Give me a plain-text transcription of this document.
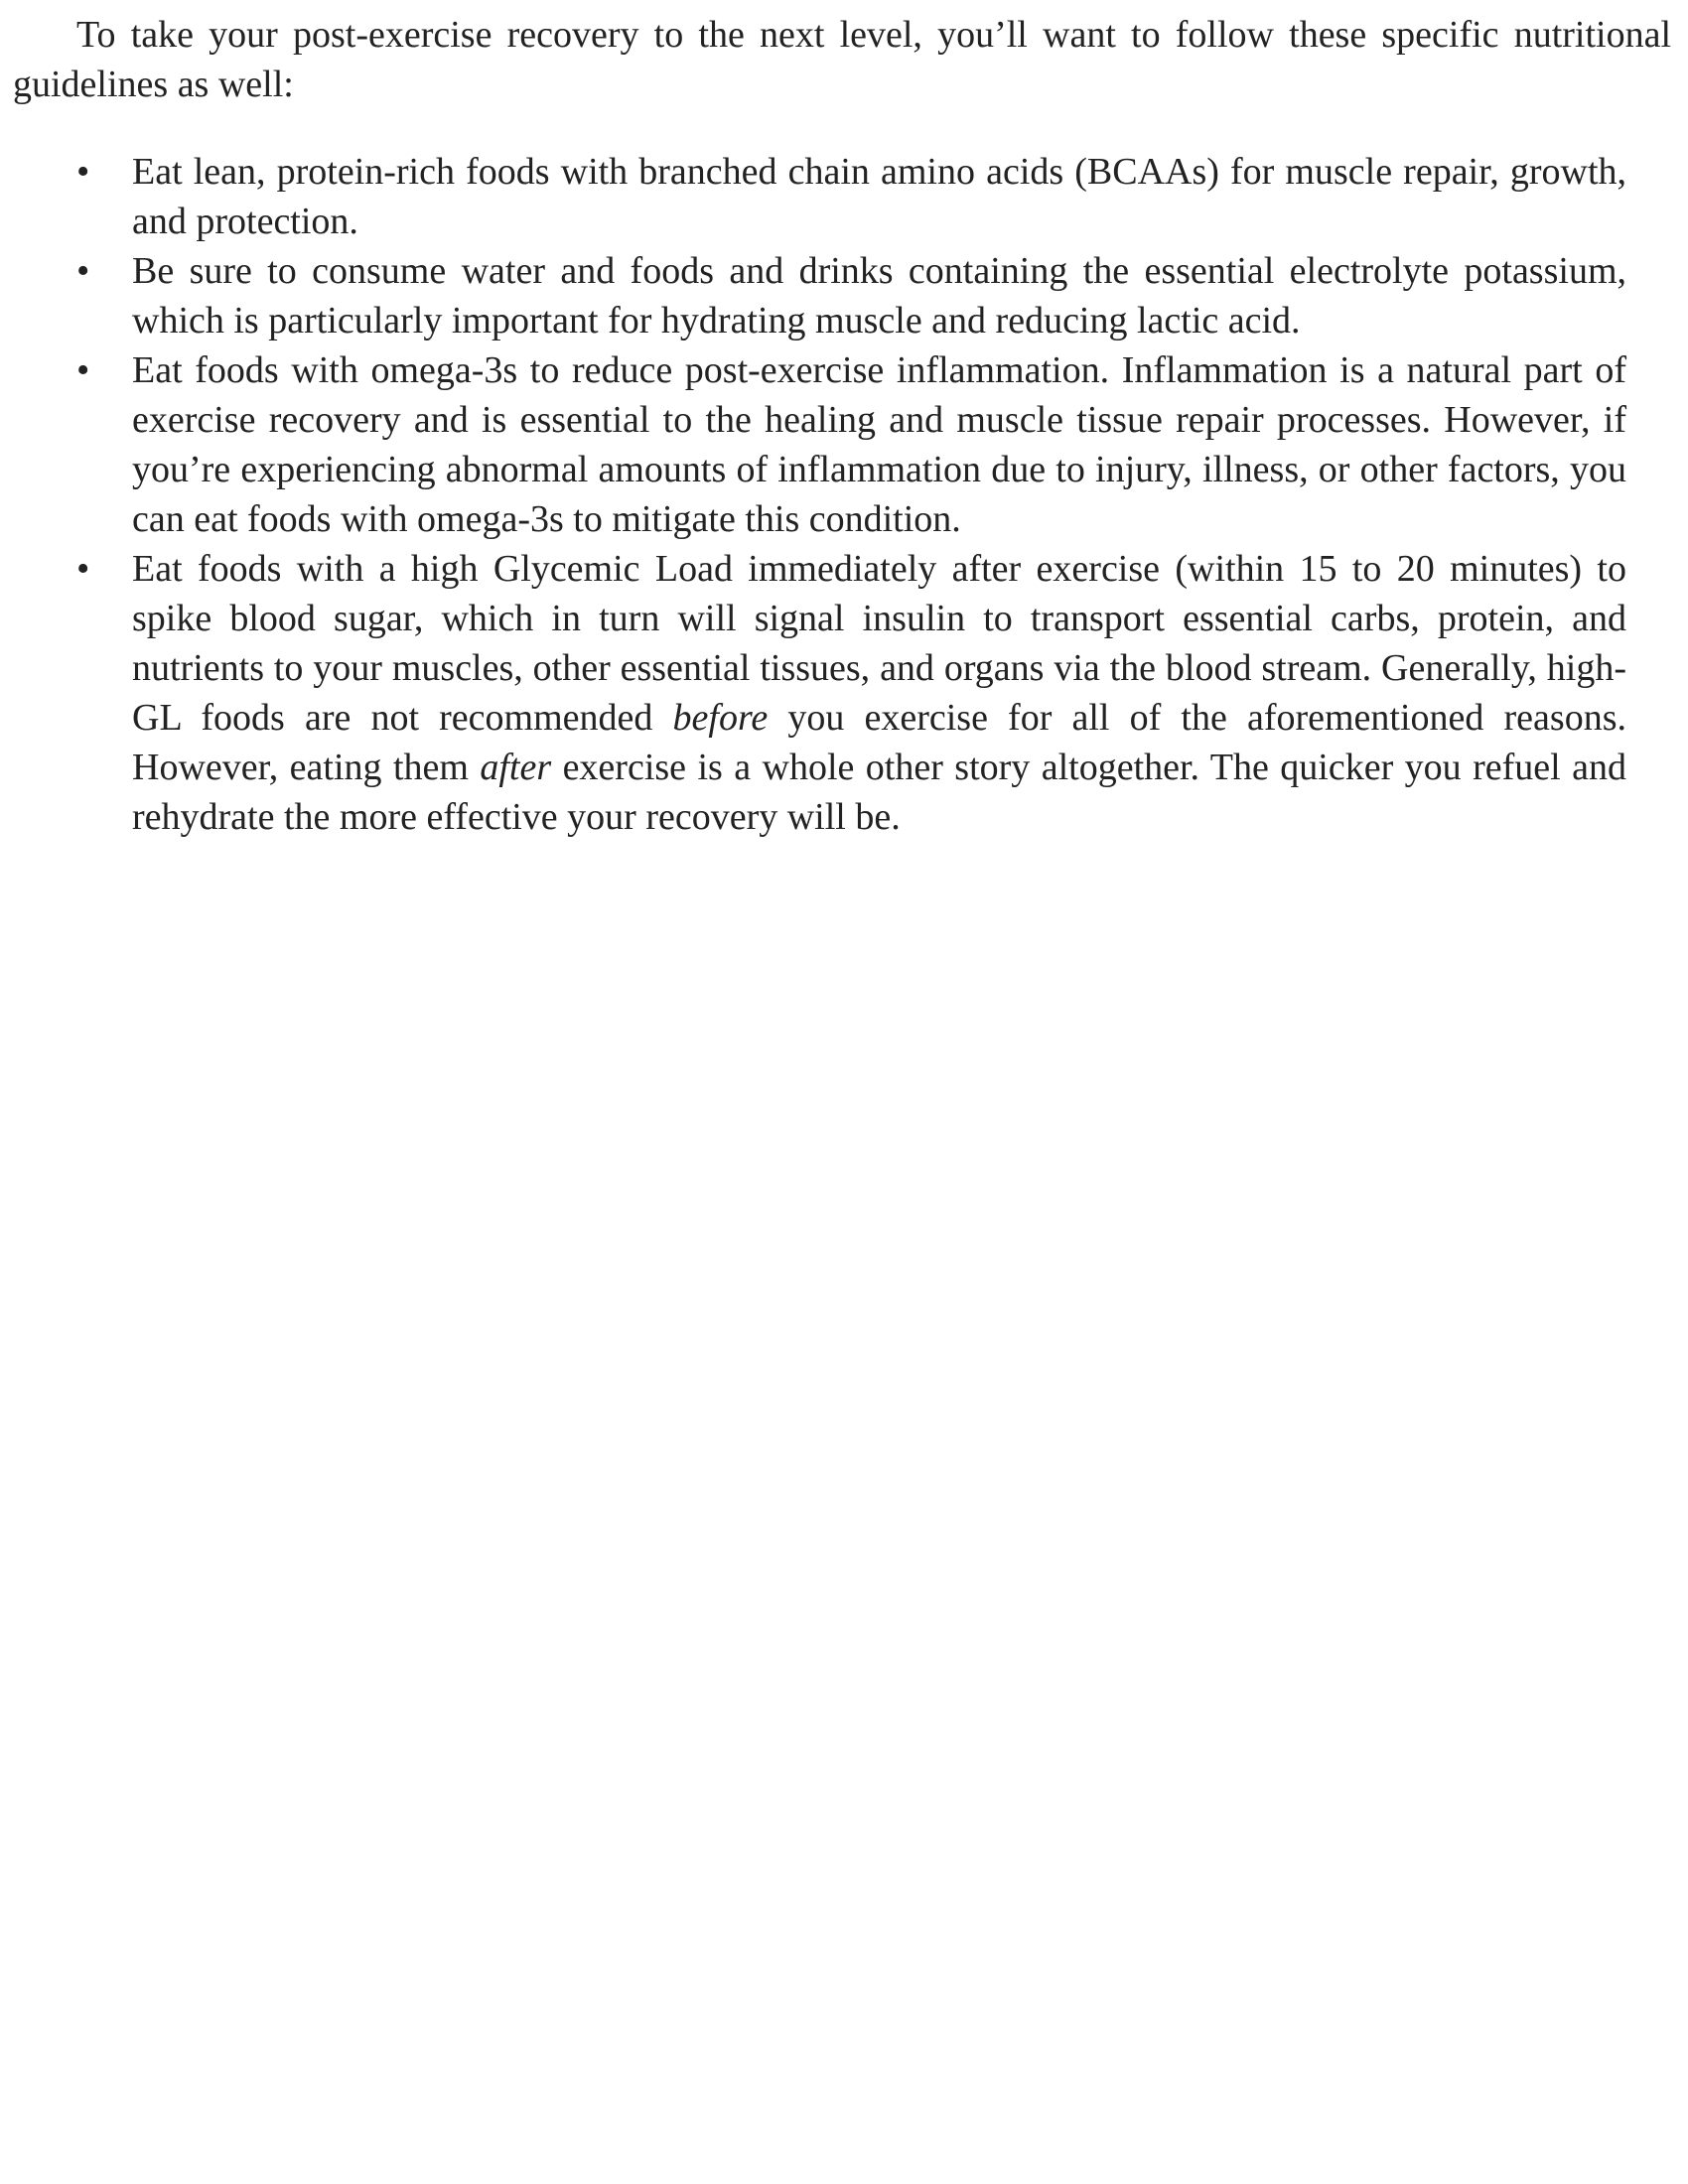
To take your post-exercise recovery to the next level, you’ll want to follow these specific nutritional guidelines as well:

• Eat lean, protein-rich foods with branched chain amino acids (BCAAs) for muscle repair, growth, and protection.
• Be sure to consume water and foods and drinks containing the essential electrolyte potassium, which is particularly important for hydrating muscle and reducing lactic acid.
• Eat foods with omega-3s to reduce post-exercise inflammation. Inflammation is a natural part of exercise recovery and is essential to the healing and muscle tissue repair processes. However, if you’re experiencing abnormal amounts of inflammation due to injury, illness, or other factors, you can eat foods with omega-3s to mitigate this condition.
• Eat foods with a high Glycemic Load immediately after exercise (within 15 to 20 minutes) to spike blood sugar, which in turn will signal insulin to transport essential carbs, protein, and nutrients to your muscles, other essential tissues, and organs via the blood stream. Generally, high-GL foods are not recommended before you exercise for all of the aforementioned reasons. However, eating them after exercise is a whole other story altogether. The quicker you refuel and rehydrate the more effective your recovery will be.
